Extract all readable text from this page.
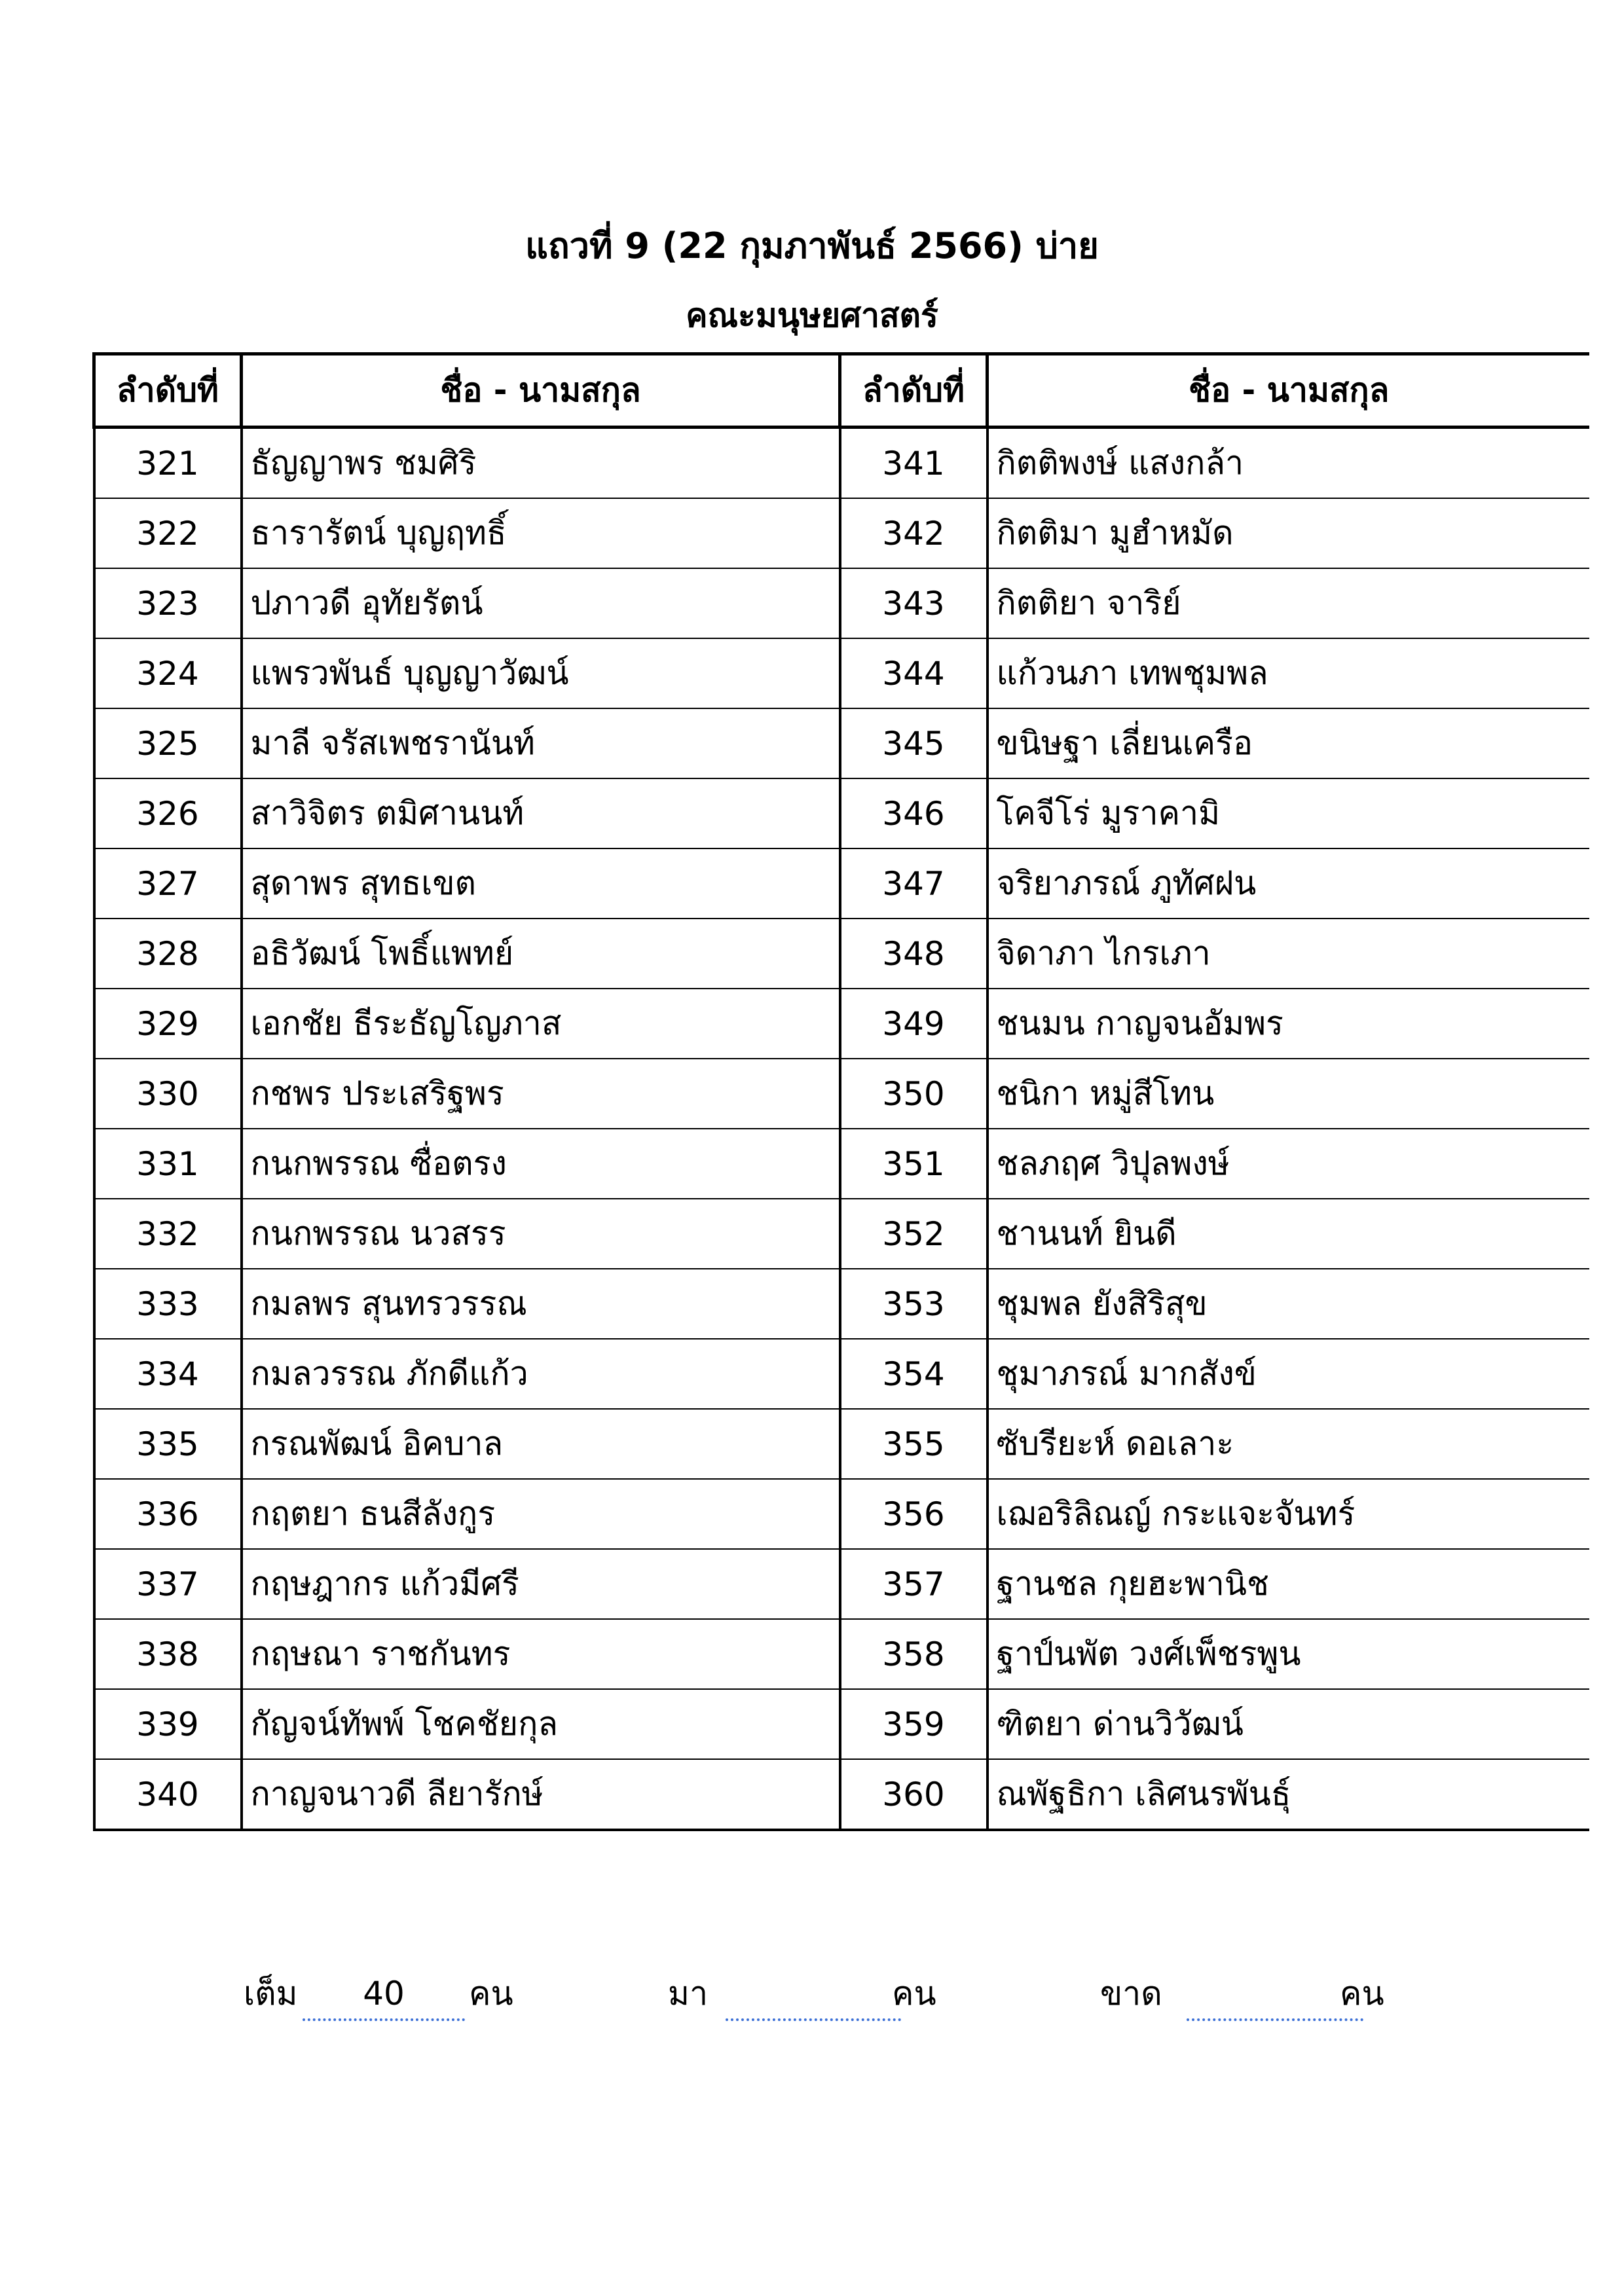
แถวที่ 9 (22 กุมภาพันธ์ 2566) บ่าย
คณะมนุษยศาสตร์
ลำดับที่	ชื่อ - นามสกุล	ลำดับที่	ชื่อ - นามสกุล
321	ธัญญาพร ชมศิริ	341	กิตติพงษ์ แสงกล้า
322	ธารารัตน์ บุญฤทธิ์	342	กิตติมา มูฮำหมัด
323	ปภาวดี อุทัยรัตน์	343	กิตติยา จาริย์
324	แพรวพันธ์ บุญญาวัฒน์	344	แก้วนภา เทพชุมพล
325	มาลี จรัสเพชรานันท์	345	ขนิษฐา เลี่ยนเครือ
326	สาวิจิตร ตมิศานนท์	346	โคจีโร่ มูราคามิ
327	สุดาพร สุทธเขต	347	จริยาภรณ์ ภูทัศฝน
328	อธิวัฒน์ โพธิ์แพทย์	348	จิดาภา ไกรเภา
329	เอกชัย ธีระธัญโญภาส	349	ชนมน กาญจนอัมพร
330	กชพร ประเสริฐพร	350	ชนิกา หมู่สีโทน
331	กนกพรรณ ซื่อตรง	351	ชลภฤศ วิปุลพงษ์
332	กนกพรรณ นวสรร	352	ชานนท์ ยินดี
333	กมลพร สุนทรวรรณ	353	ชุมพล ยังสิริสุข
334	กมลวรรณ ภักดีแก้ว	354	ชุมาภรณ์ มากสังข์
335	กรณพัฒน์ อิคบาล	355	ซับรียะห์ ดอเลาะ
336	กฤตยา ธนสีลังกูร	356	เฌอริลิณญ์ กระแจะจันทร์
337	กฤษฎากร แก้วมีศรี	357	ฐานชล กุยฮะพานิช
338	กฤษณา ราชกันทร	358	ฐาป์นพัต วงศ์เพ็ชรพูน
339	กัญจน์ทัพพ์ โชคชัยกุล	359	ฑิตยา ด่านวิวัฒน์
340	กาญจนาวดี ลียารักษ์	360	ณพัฐธิกา เลิศนรพันธุ์
เต็ม	40	คน	มา	คน	ขาด	คน
